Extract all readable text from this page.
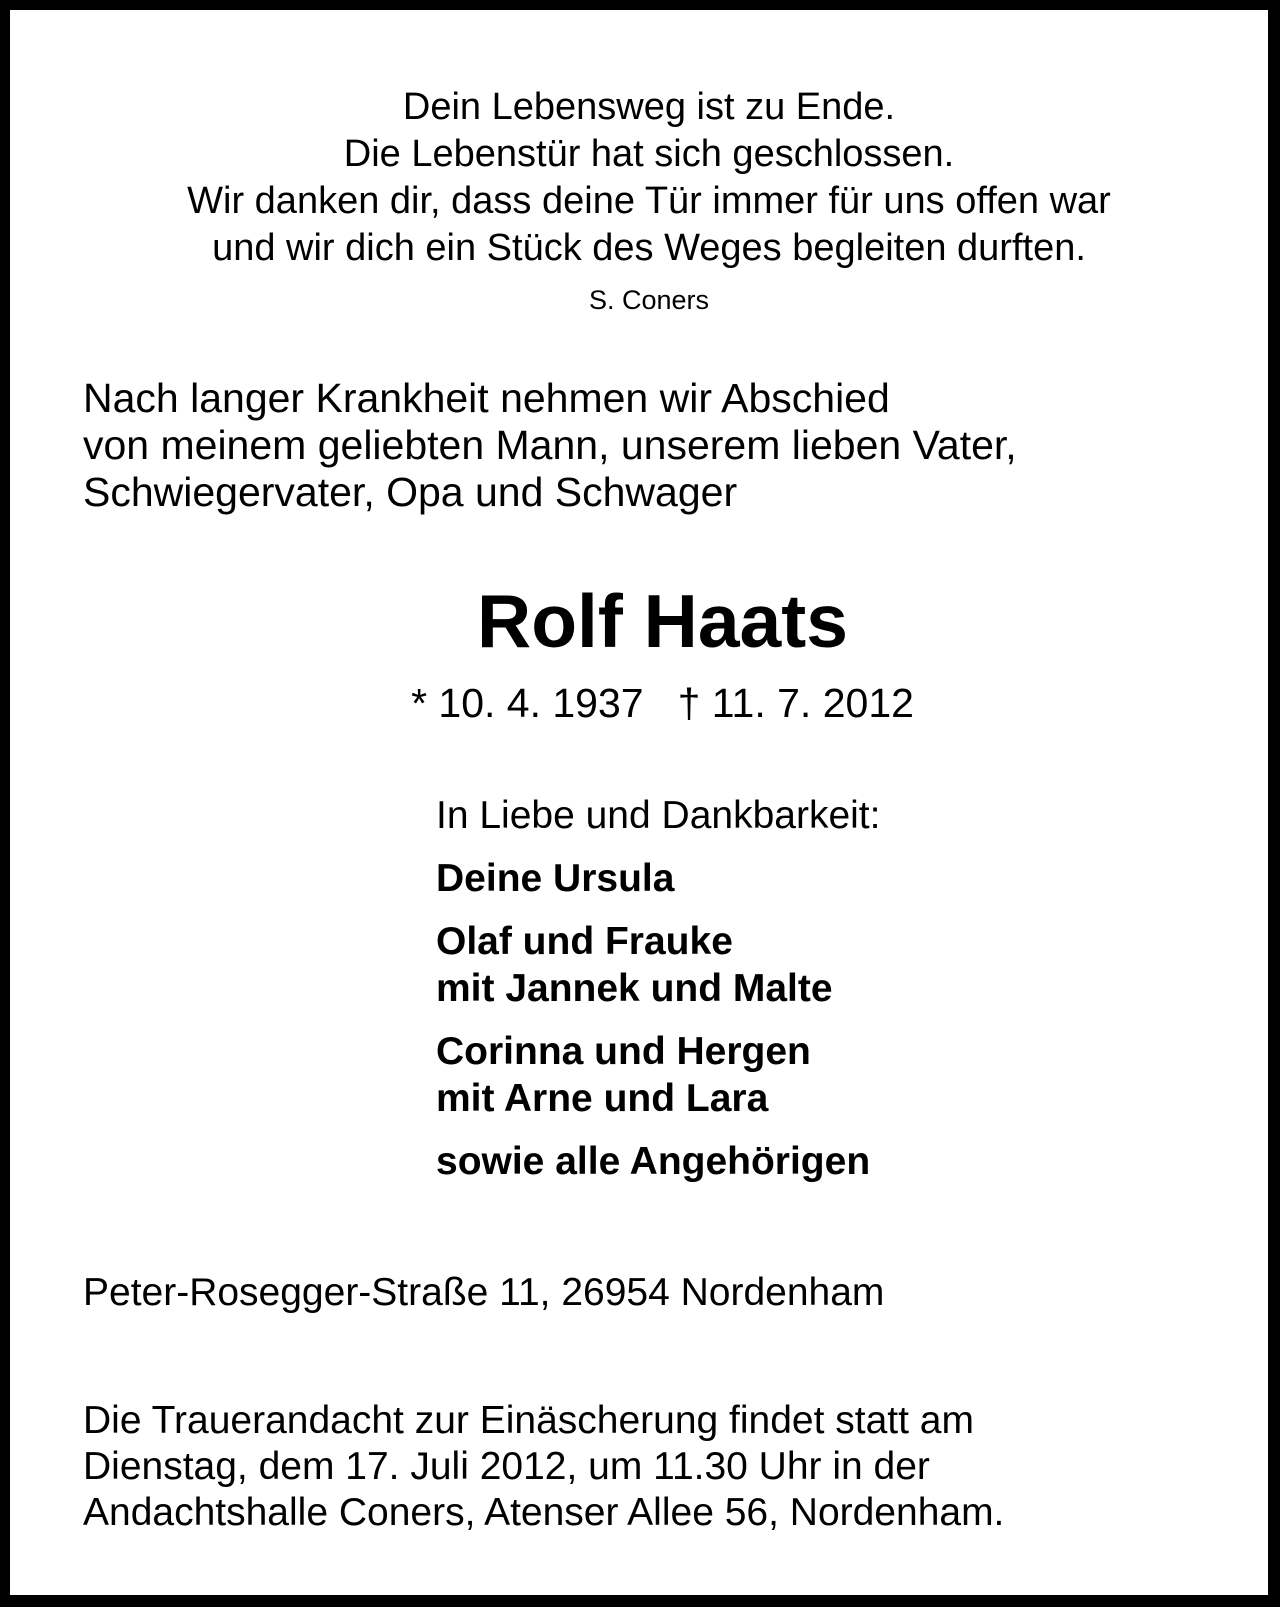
Dein Lebensweg ist zu Ende.
Die Lebenstür hat sich geschlossen.
Wir danken dir, dass deine Tür immer für uns offen war
und wir dich ein Stück des Weges begleiten durften.
S. Coners
Nach langer Krankheit nehmen wir Abschied
von meinem geliebten Mann, unserem lieben Vater,
Schwiegervater, Opa und Schwager
Rolf Haats
* 10. 4. 1937 † 11. 7. 2012
In Liebe und Dankbarkeit:
Deine Ursula
Olaf und Frauke
mit Jannek und Malte
Corinna und Hergen
mit Arne und Lara
sowie alle Angehörigen
Peter-Rosegger-Straße 11, 26954 Nordenham
Die Trauerandacht zur Einäscherung findet statt am
Dienstag, dem 17. Juli 2012, um 11.30 Uhr in der
Andachtshalle Coners, Atenser Allee 56, Nordenham.
